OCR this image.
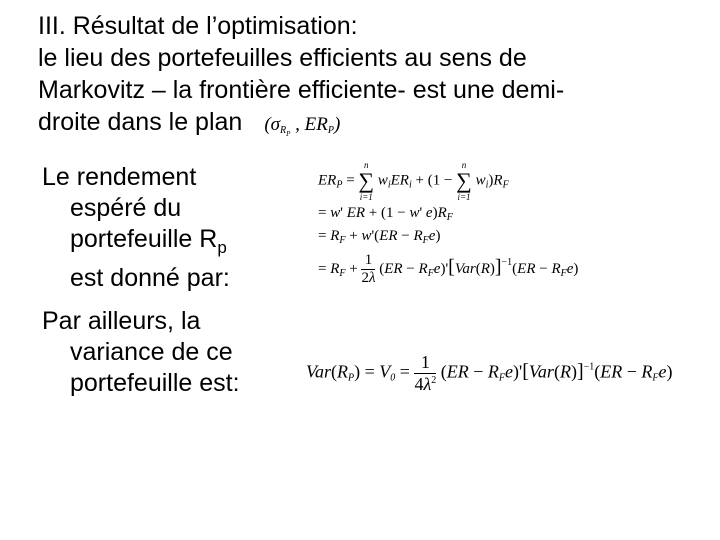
III. Résultat de l’optimisation:
le lieu des portefeuilles efficients au sens de
Markovitz – la frontière efficiente- est une demi-
droite dans le plan ($\sigma R_P$ , ERP)
Le rendement
espéré du
portefeuille $R_p$
est donné par:
Par ailleurs, la
variance de ce
portefeuille est:
$ER_P$ =
n
∑
i=1
$w_iER_i + (1$ −
n
∑
i=1
$w_i)R_F$
= w' ER + (1 − w' $e)R_F$
= $R_F + w'(ER - R_Fe)$
= $R_F + \frac{1}{2\lambda} (ER - R_Fe)'[Var(R)]^{-1}(ER - R_Fe)$
$Var(RP) = V0 = \frac{1}{4\lambda^2} (ER - RFe)'[Var(R)]^{-1}(ER - RFe)$
